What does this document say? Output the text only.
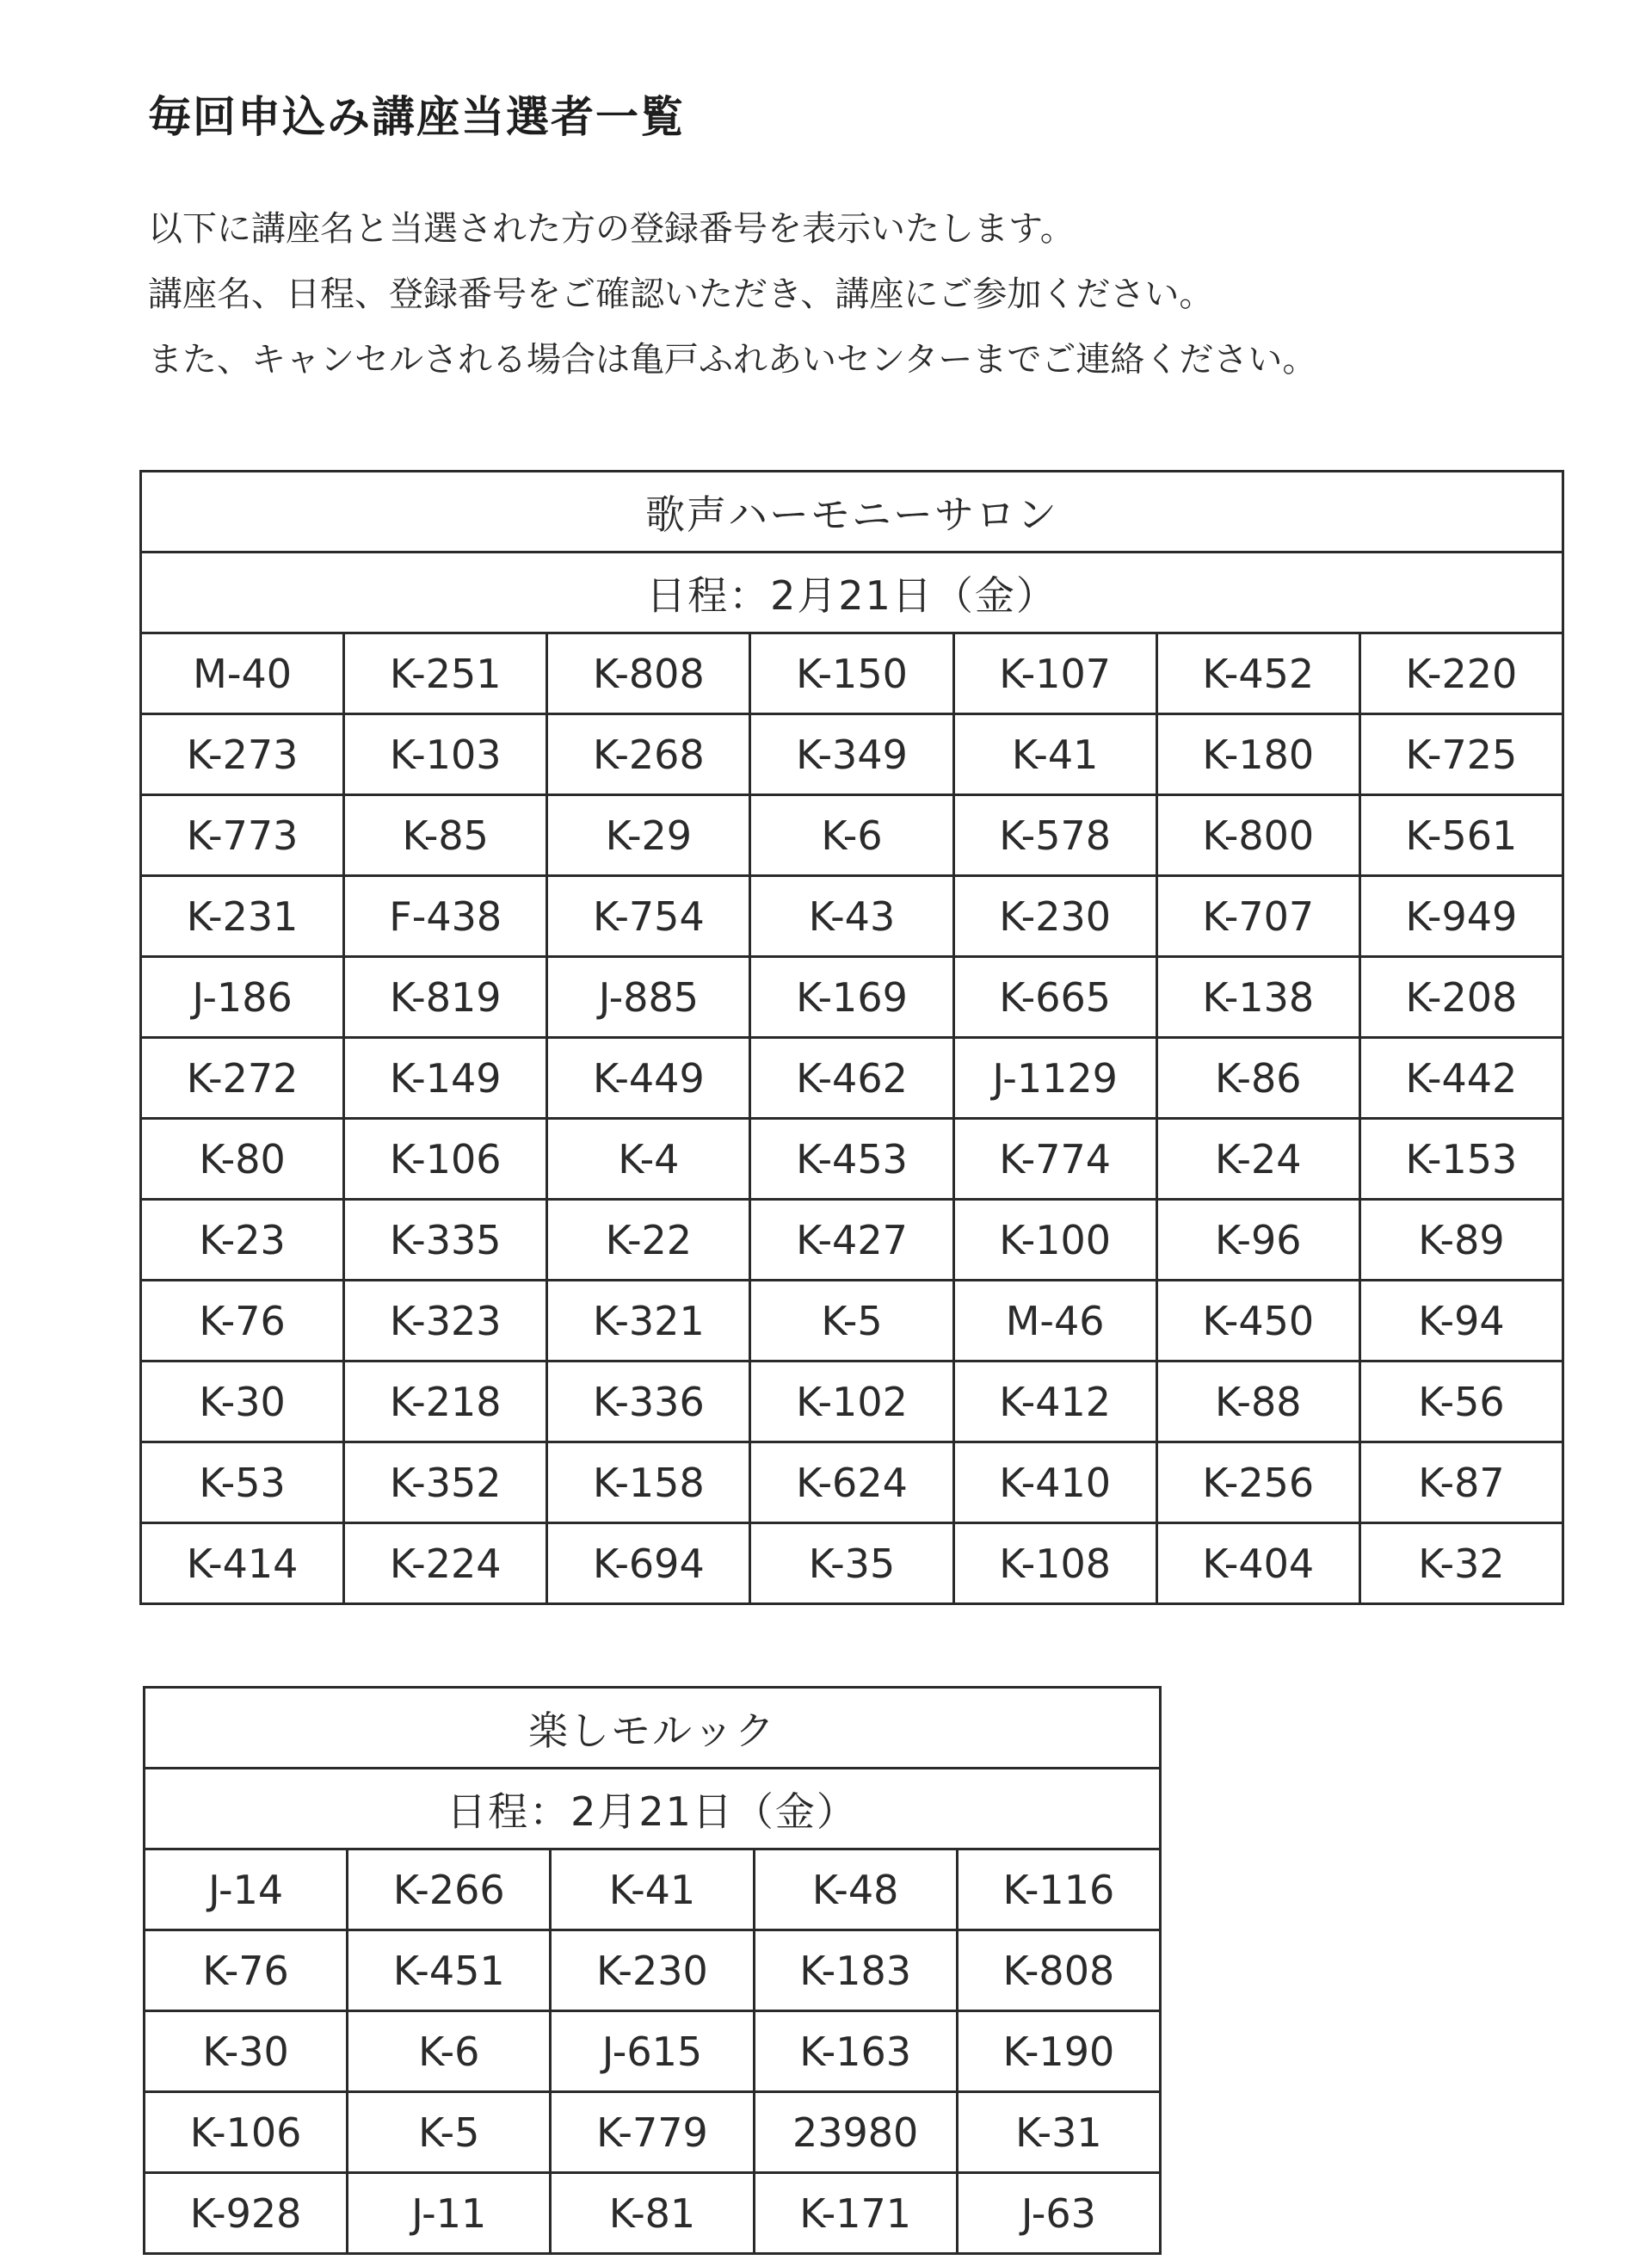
毎回申込み講座当選者一覧
以下に講座名と当選された方の登録番号を表示いたします。
講座名、日程、登録番号をご確認いただき、講座にご参加ください。
また、キャンセルされる場合は亀戸ふれあいセンターまでご連絡ください。
歌声ハーモニーサロン						
日程：2月21日（金）						
M-40	K-251	K-808	K-150	K-107	K-452	K-220
K-273	K-103	K-268	K-349	K-41	K-180	K-725
K-773	K-85	K-29	K-6	K-578	K-800	K-561
K-231	F-438	K-754	K-43	K-230	K-707	K-949
J-186	K-819	J-885	K-169	K-665	K-138	K-208
K-272	K-149	K-449	K-462	J-1129	K-86	K-442
K-80	K-106	K-4	K-453	K-774	K-24	K-153
K-23	K-335	K-22	K-427	K-100	K-96	K-89
K-76	K-323	K-321	K-5	M-46	K-450	K-94
K-30	K-218	K-336	K-102	K-412	K-88	K-56
K-53	K-352	K-158	K-624	K-410	K-256	K-87
K-414	K-224	K-694	K-35	K-108	K-404	K-32
楽しモルック				
日程：2月21日（金）				
J-14	K-266	K-41	K-48	K-116
K-76	K-451	K-230	K-183	K-808
K-30	K-6	J-615	K-163	K-190
K-106	K-5	K-779	23980	K-31
K-928	J-11	K-81	K-171	J-63
